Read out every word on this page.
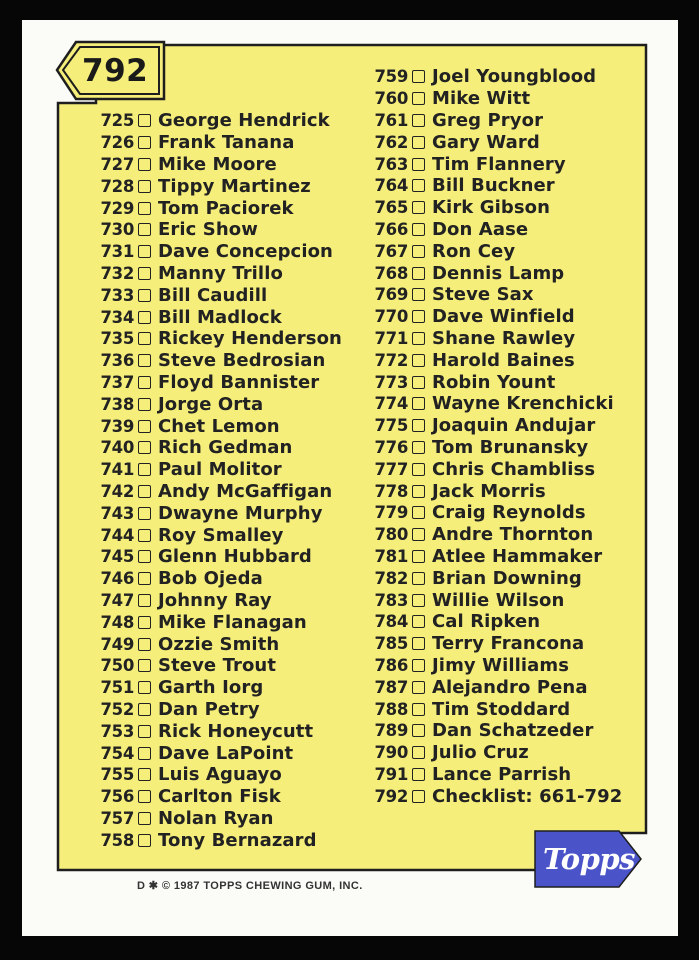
792
725 George Hendrick
726 Frank Tanana
727 Mike Moore
728 Tippy Martinez
729 Tom Paciorek
730 Eric Show
731 Dave Concepcion
732 Manny Trillo
733 Bill Caudill
734 Bill Madlock
735 Rickey Henderson
736 Steve Bedrosian
737 Floyd Bannister
738 Jorge Orta
739 Chet Lemon
740 Rich Gedman
741 Paul Molitor
742 Andy McGaffigan
743 Dwayne Murphy
744 Roy Smalley
745 Glenn Hubbard
746 Bob Ojeda
747 Johnny Ray
748 Mike Flanagan
749 Ozzie Smith
750 Steve Trout
751 Garth Iorg
752 Dan Petry
753 Rick Honeycutt
754 Dave LaPoint
755 Luis Aguayo
756 Carlton Fisk
757 Nolan Ryan
758 Tony Bernazard
759 Joel Youngblood
760 Mike Witt
761 Greg Pryor
762 Gary Ward
763 Tim Flannery
764 Bill Buckner
765 Kirk Gibson
766 Don Aase
767 Ron Cey
768 Dennis Lamp
769 Steve Sax
770 Dave Winfield
771 Shane Rawley
772 Harold Baines
773 Robin Yount
774 Wayne Krenchicki
775 Joaquin Andujar
776 Tom Brunansky
777 Chris Chambliss
778 Jack Morris
779 Craig Reynolds
780 Andre Thornton
781 Atlee Hammaker
782 Brian Downing
783 Willie Wilson
784 Cal Ripken
785 Terry Francona
786 Jimy Williams
787 Alejandro Pena
788 Tim Stoddard
789 Dan Schatzeder
790 Julio Cruz
791 Lance Parrish
792 Checklist: 661-792
Topps
D ✱ © 1987 TOPPS CHEWING GUM, INC.
